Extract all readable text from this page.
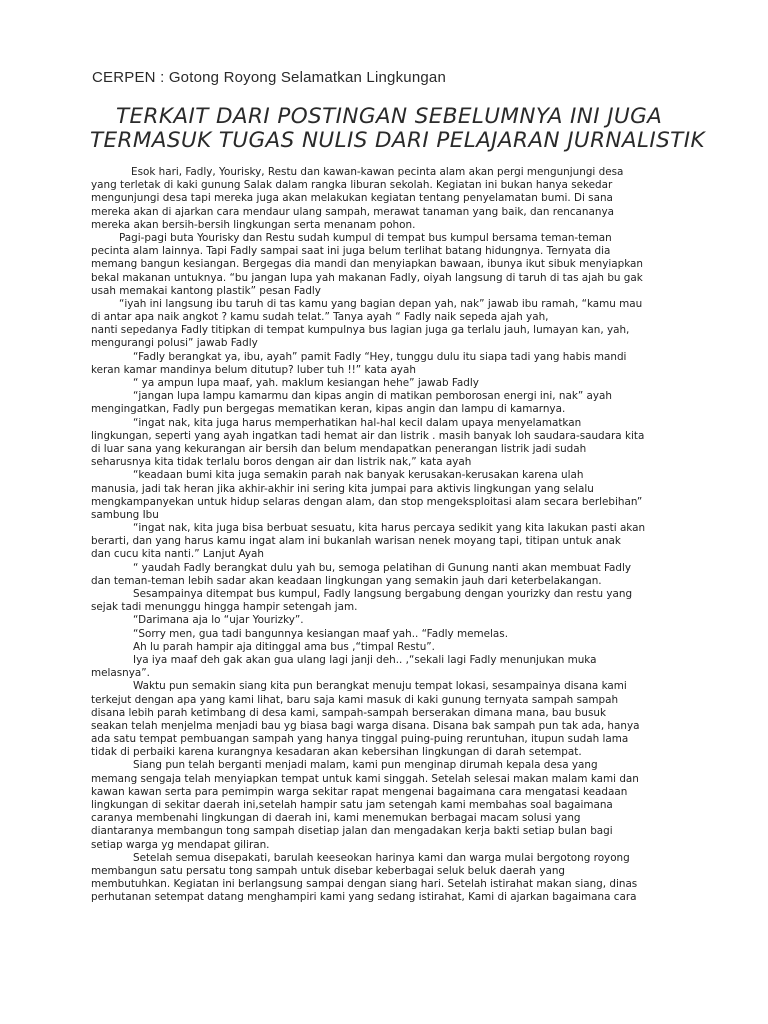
CERPEN : Gotong Royong Selamatkan Lingkungan
TERKAIT DARI POSTINGAN SEBELUMNYA INI JUGA
TERMASUK TUGAS NULIS DARI PELAJARAN JURNALISTIK
Esok hari, Fadly, Yourisky, Restu dan kawan-kawan pecinta alam akan pergi mengunjungi desa
yang terletak di kaki gunung Salak dalam rangka liburan sekolah. Kegiatan ini bukan hanya sekedar
mengunjungi desa tapi mereka juga akan melakukan kegiatan tentang penyelamatan bumi. Di sana
mereka akan di ajarkan cara mendaur ulang sampah, merawat tanaman yang baik, dan rencananya
mereka akan bersih-bersih lingkungan serta menanam pohon.
Pagi-pagi buta Yourisky dan Restu sudah kumpul di tempat bus kumpul bersama teman-teman
pecinta alam lainnya. Tapi Fadly sampai saat ini juga belum terlihat batang hidungnya. Ternyata dia
memang bangun kesiangan. Bergegas dia mandi dan menyiapkan bawaan, ibunya ikut sibuk menyiapkan
bekal makanan untuknya. “bu jangan lupa yah makanan Fadly, oiyah langsung di taruh di tas ajah bu gak
usah memakai kantong plastik” pesan Fadly
“iyah ini langsung ibu taruh di tas kamu yang bagian depan yah, nak” jawab ibu ramah, “kamu mau
di antar apa naik angkot ? kamu sudah telat.” Tanya ayah “ Fadly naik sepeda ajah yah,
nanti sepedanya Fadly titipkan di tempat kumpulnya bus lagian juga ga terlalu jauh, lumayan kan, yah,
mengurangi polusi” jawab Fadly
“Fadly berangkat ya, ibu, ayah” pamit Fadly “Hey, tunggu dulu itu siapa tadi yang habis mandi
keran kamar mandinya belum ditutup? luber tuh !!” kata ayah
“ ya ampun lupa maaf, yah. maklum kesiangan hehe” jawab Fadly
“jangan lupa lampu kamarmu dan kipas angin di matikan pemborosan energi ini, nak” ayah
mengingatkan, Fadly pun bergegas mematikan keran, kipas angin dan lampu di kamarnya.
“ingat nak, kita juga harus memperhatikan hal-hal kecil dalam upaya menyelamatkan
lingkungan, seperti yang ayah ingatkan tadi hemat air dan listrik . masih banyak loh saudara-saudara kita
di luar sana yang kekurangan air bersih dan belum mendapatkan penerangan listrik jadi sudah
seharusnya kita tidak terlalu boros dengan air dan listrik nak,” kata ayah
“keadaan bumi kita juga semakin parah nak banyak kerusakan-kerusakan karena ulah
manusia, jadi tak heran jika akhir-akhir ini sering kita jumpai para aktivis lingkungan yang selalu
mengkampanyekan untuk hidup selaras dengan alam, dan stop mengeksploitasi alam secara berlebihan”
sambung Ibu
“ingat nak, kita juga bisa berbuat sesuatu, kita harus percaya sedikit yang kita lakukan pasti akan
berarti, dan yang harus kamu ingat alam ini bukanlah warisan nenek moyang tapi, titipan untuk anak
dan cucu kita nanti.” Lanjut Ayah
“ yaudah Fadly berangkat dulu yah bu, semoga pelatihan di Gunung nanti akan membuat Fadly
dan teman-teman lebih sadar akan keadaan lingkungan yang semakin jauh dari keterbelakangan.
Sesampainya ditempat bus kumpul, Fadly langsung bergabung dengan yourizky dan restu yang
sejak tadi menunggu hingga hampir setengah jam.
“Darimana aja lo “ujar Yourizky”.
“Sorry men, gua tadi bangunnya kesiangan maaf yah.. “Fadly memelas.
Ah lu parah hampir aja ditinggal ama bus ,“timpal Restu”.
Iya iya maaf deh gak akan gua ulang lagi janji deh.. ,“sekali lagi Fadly menunjukan muka
melasnya”.
Waktu pun semakin siang kita pun berangkat menuju tempat lokasi, sesampainya disana kami
terkejut dengan apa yang kami lihat, baru saja kami masuk di kaki gunung ternyata sampah sampah
disana lebih parah ketimbang di desa kami, sampah-sampah berserakan dimana mana, bau busuk
seakan telah menjelma menjadi bau yg biasa bagi warga disana. Disana bak sampah pun tak ada, hanya
ada satu tempat pembuangan sampah yang hanya tinggal puing-puing reruntuhan, itupun sudah lama
tidak di perbaiki karena kurangnya kesadaran akan kebersihan lingkungan di darah setempat.
Siang pun telah berganti menjadi malam, kami pun menginap dirumah kepala desa yang
memang sengaja telah menyiapkan tempat untuk kami singgah. Setelah selesai makan malam kami dan
kawan kawan serta para pemimpin warga sekitar rapat mengenai bagaimana cara mengatasi keadaan
lingkungan di sekitar daerah ini,setelah hampir satu jam setengah kami membahas soal bagaimana
caranya membenahi lingkungan di daerah ini, kami menemukan berbagai macam solusi yang
diantaranya membangun tong sampah disetiap jalan dan mengadakan kerja bakti setiap bulan bagi
setiap warga yg mendapat giliran.
Setelah semua disepakati, barulah keeseokan harinya kami dan warga mulai bergotong royong
membangun satu persatu tong sampah untuk disebar keberbagai seluk beluk daerah yang
membutuhkan. Kegiatan ini berlangsung sampai dengan siang hari. Setelah istirahat makan siang, dinas
perhutanan setempat datang menghampiri kami yang sedang istirahat, Kami di ajarkan bagaimana cara
